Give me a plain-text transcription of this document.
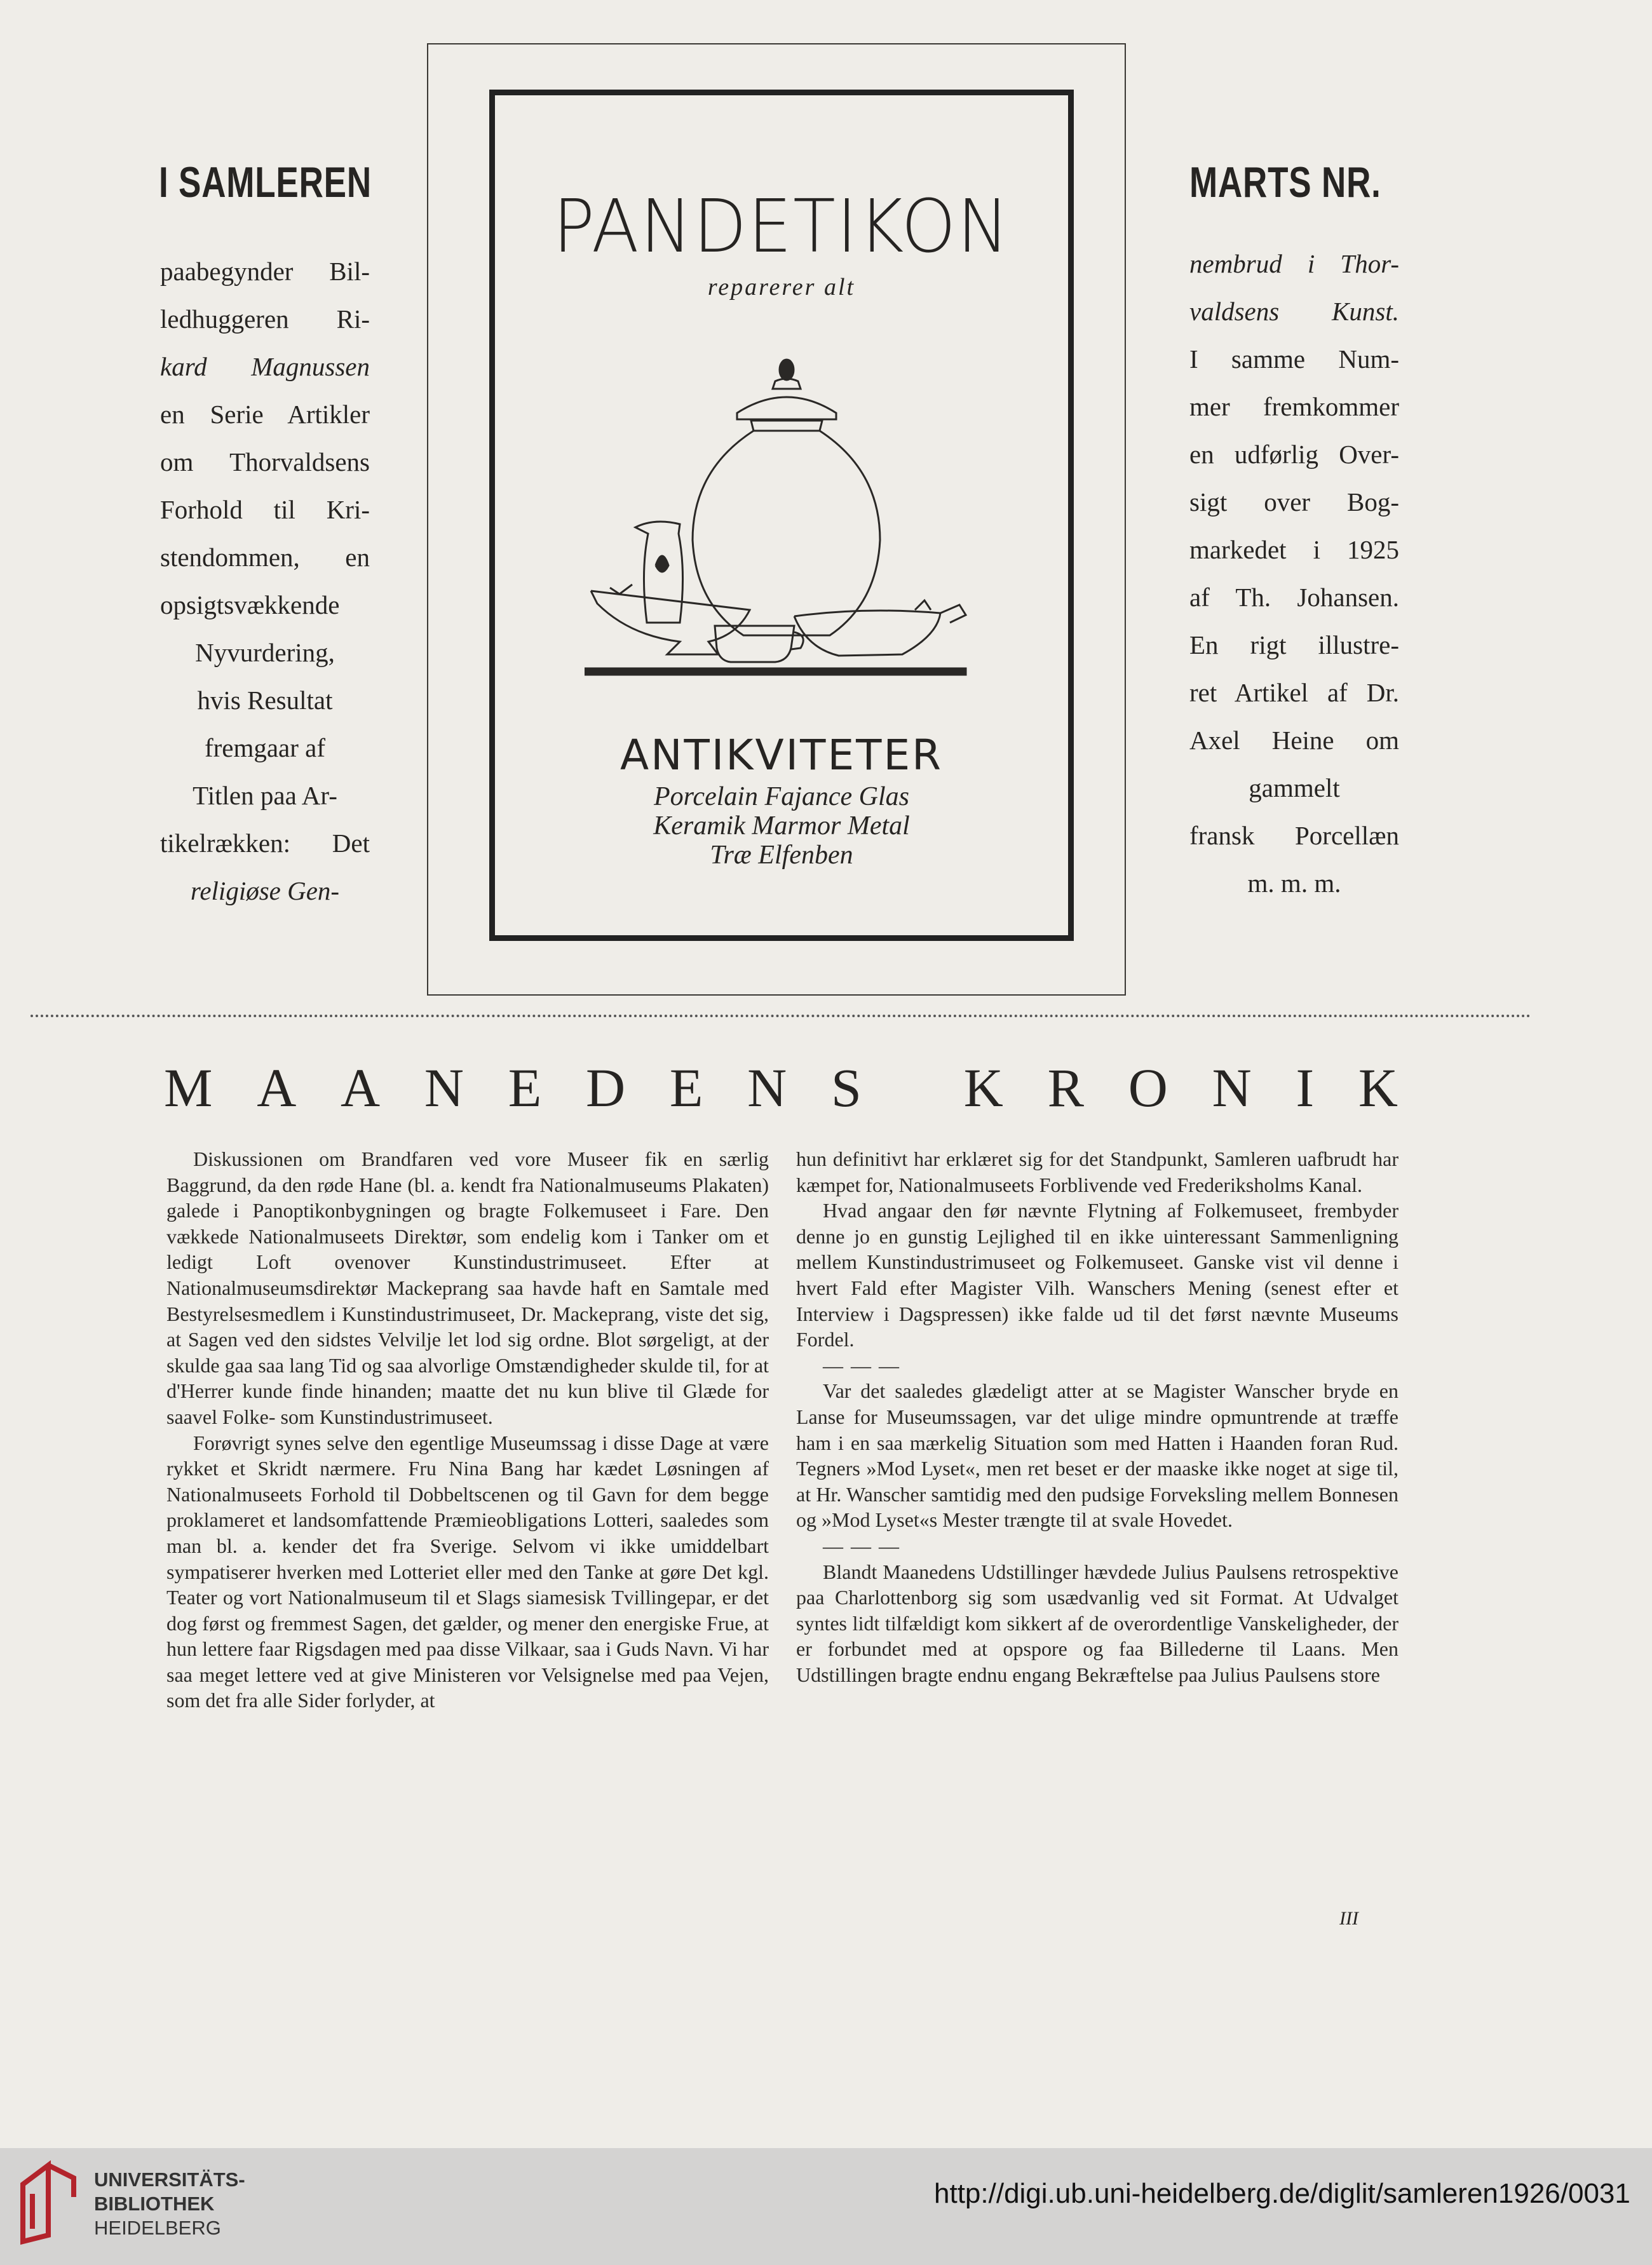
I SAMLEREN
paabegynder Bil-
ledhuggeren Ri-
kard Magnussen
en Serie Artikler
om Thorvaldsens
Forhold til Kri-
stendommen, en
opsigtsvækkende
Nyvurdering,
hvis Resultat
fremgaar af
Titlen paa Ar-
tikelrækken: Det
religiøse Gen-
MARTS NR.
nembrud i Thor-
valdsens Kunst.
I samme Num-
mer fremkommer
en udførlig Over-
sigt over Bog-
markedet i 1925
af Th. Johansen.
En rigt illustre-
ret Artikel af Dr.
Axel Heine om
gammelt
fransk Porcellæn
m. m. m.
PANDETIKON
reparerer alt
ANTIKVITETER
Porcelain Fajance Glas
Keramik Marmor Metal
Træ Elfenben
M A A N E D E N S
K R O N I K

Diskussionen om Brandfaren ved vore Museer fik en særlig Baggrund, da den røde Hane (bl. a. kendt fra Nationalmuseums Plakaten) galede i Panoptikonbygningen og bragte Folkemuseet i Fare. Den vækkede Nationalmuseets Direktør, som endelig kom i Tanker om et ledigt Loft ovenover Kunstindustrimuseet. Efter at Nationalmuseumsdirektør Mackeprang saa havde haft en Samtale med Bestyrelsesmedlem i Kunstindustrimuseet, Dr. Mackeprang, viste det sig, at Sagen ved den sidstes Velvilje let lod sig ordne. Blot sørgeligt, at der skulde gaa saa lang Tid og saa alvorlige Omstændigheder skulde til, for at d'Herrer kunde finde hinanden; maatte det nu kun blive til Glæde for saavel Folke- som Kunstindustrimuseet.

Forøvrigt synes selve den egentlige Museumssag i disse Dage at være rykket et Skridt nærmere. Fru Nina Bang har kædet Løsningen af Nationalmuseets Forhold til Dobbeltscenen og til Gavn for dem begge proklameret et landsomfattende Præmieobligations Lotteri, saaledes som man bl. a. kender det fra Sverige. Selvom vi ikke umiddelbart sympatiserer hverken med Lotteriet eller med den Tanke at gøre Det kgl. Teater og vort Nationalmuseum til et Slags siamesisk Tvillingepar, er det dog først og fremmest Sagen, det gælder, og mener den energiske Frue, at hun lettere faar Rigsdagen med paa disse Vilkaar, saa i Guds Navn. Vi har saa meget lettere ved at give Ministeren vor Velsignelse med paa Vejen, som det fra alle Sider forlyder, at

hun definitivt har erklæret sig for det Standpunkt, Samleren uafbrudt har kæmpet for, Nationalmuseets Forblivende ved Frederiksholms Kanal.

Hvad angaar den før nævnte Flytning af Folkemuseet, frembyder denne jo en gunstig Lejlighed til en ikke uinteressant Sammenligning mellem Kunstindustrimuseet og Folkemuseet. Ganske vist vil denne i hvert Fald efter Magister Vilh. Wanschers Mening (senest efter et Interview i Dagspressen) ikke falde ud til det først nævnte Museums Fordel.

— — —

Var det saaledes glædeligt atter at se Magister Wanscher bryde en Lanse for Museumssagen, var det ulige mindre opmuntrende at træffe ham i en saa mærkelig Situation som med Hatten i Haanden foran Rud. Tegners »Mod Lyset«, men ret beset er der maaske ikke noget at sige til, at Hr. Wanscher samtidig med den pudsige Forveksling mellem Bonnesen og »Mod Lyset«s Mester trængte til at svale Hovedet.

— — —

Blandt Maanedens Udstillinger hævdede Julius Paulsens retrospektive paa Charlottenborg sig som usædvanlig ved sit Format. At Udvalget syntes lidt tilfældigt kom sikkert af de overordentlige Vanskeligheder, der er forbundet med at opspore og faa Billederne til Laans. Men Udstillingen bragte endnu engang Bekræftelse paa Julius Paulsens store

III
UNIVERSITÄTS-
BIBLIOTHEK
HEIDELBERG
http://digi.ub.uni-heidelberg.de/diglit/samleren1926/0031
